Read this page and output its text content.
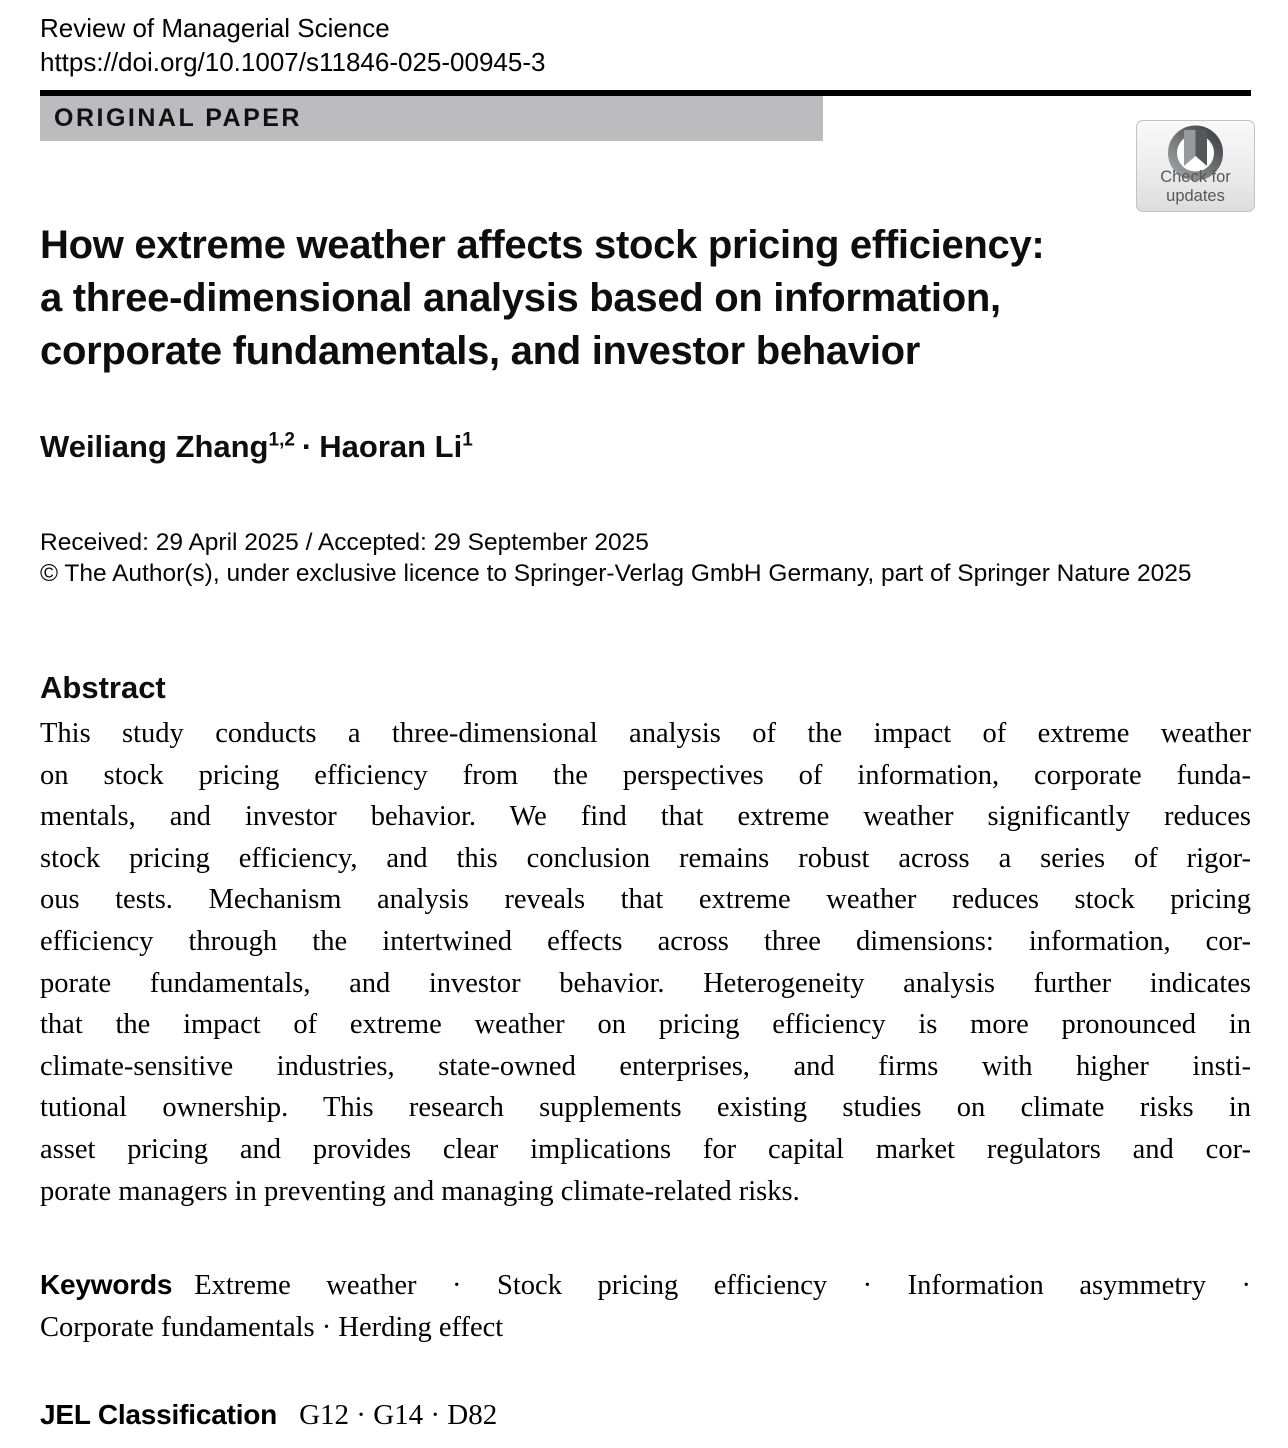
Review of Managerial Science
https://doi.org/10.1007/s11846-025-00945-3
ORIGINAL PAPER
Check for
updates
How extreme weather affects stock pricing efficiency:
a three-dimensional analysis based on information,
corporate fundamentals, and investor behavior
Weiliang Zhang$^{1,2}$ · Haoran Li$^1$
Received: 29 April 2025 / Accepted: 29 September 2025
© The Author(s), under exclusive licence to Springer-Verlag GmbH Germany, part of Springer Nature 2025
Abstract
This study conducts a three-dimensional analysis of the impact of extreme weather
on stock pricing efficiency from the perspectives of information, corporate funda-
mentals, and investor behavior. We find that extreme weather significantly reduces
stock pricing efficiency, and this conclusion remains robust across a series of rigor-
ous tests. Mechanism analysis reveals that extreme weather reduces stock pricing
efficiency through the intertwined effects across three dimensions: information, cor-
porate fundamentals, and investor behavior. Heterogeneity analysis further indicates
that the impact of extreme weather on pricing efficiency is more pronounced in
climate-sensitive industries, state-owned enterprises, and firms with higher insti-
tutional ownership. This research supplements existing studies on climate risks in
asset pricing and provides clear implications for capital market regulators and cor-
porate managers in preventing and managing climate-related risks.
Keywords Extreme weather · Stock pricing efficiency · Information asymmetry ·
Corporate fundamentals · Herding effect
JEL Classification G12 · G14 · D82
